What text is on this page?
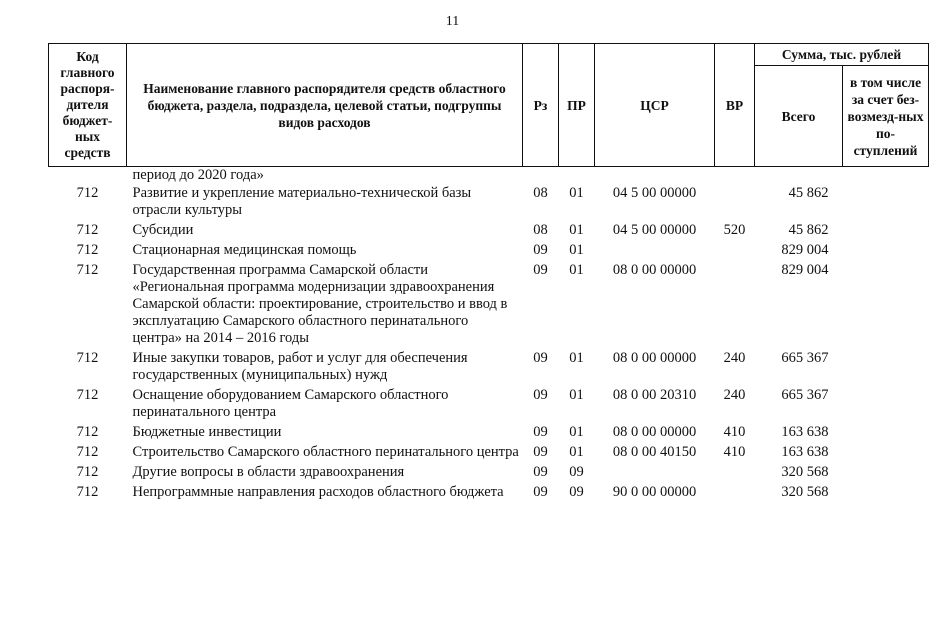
11
Код главного распоря-дителя бюджет-ных средств	Наименование главного распорядителя средств областного бюджета, раздела, подраздела, целевой статьи, подгруппы видов расходов	Рз	ПР	ЦСР	ВР	Сумма, тыс. рублей	
						Всего	в том числе за счет без-возмезд-ных по-ступлений
	период до 2020 года»						
712	Развитие и укрепление материально-технической базы отрасли культуры	08	01	04 5 00 00000		45 862	
712	Субсидии	08	01	04 5 00 00000	520	45 862	
712	Стационарная медицинская помощь	09	01			829 004	
712	Государственная программа Самарской области «Региональная программа модернизации здравоохранения Самарской области: проектирование, строительство и ввод в эксплуатацию Самарского областного перинатального центра» на 2014 – 2016 годы	09	01	08 0 00 00000		829 004	
712	Иные закупки товаров, работ и услуг для обеспечения государственных (муниципальных) нужд	09	01	08 0 00 00000	240	665 367	
712	Оснащение оборудованием Самарского областного перинатального центра	09	01	08 0 00 20310	240	665 367	
712	Бюджетные инвестиции	09	01	08 0 00 00000	410	163 638	
712	Строительство Самарского областного перинатального центра	09	01	08 0 00 40150	410	163 638	
712	Другие вопросы в области здравоохранения	09	09			320 568	
712	Непрограммные направления расходов областного бюджета	09	09	90 0 00 00000		320 568	
